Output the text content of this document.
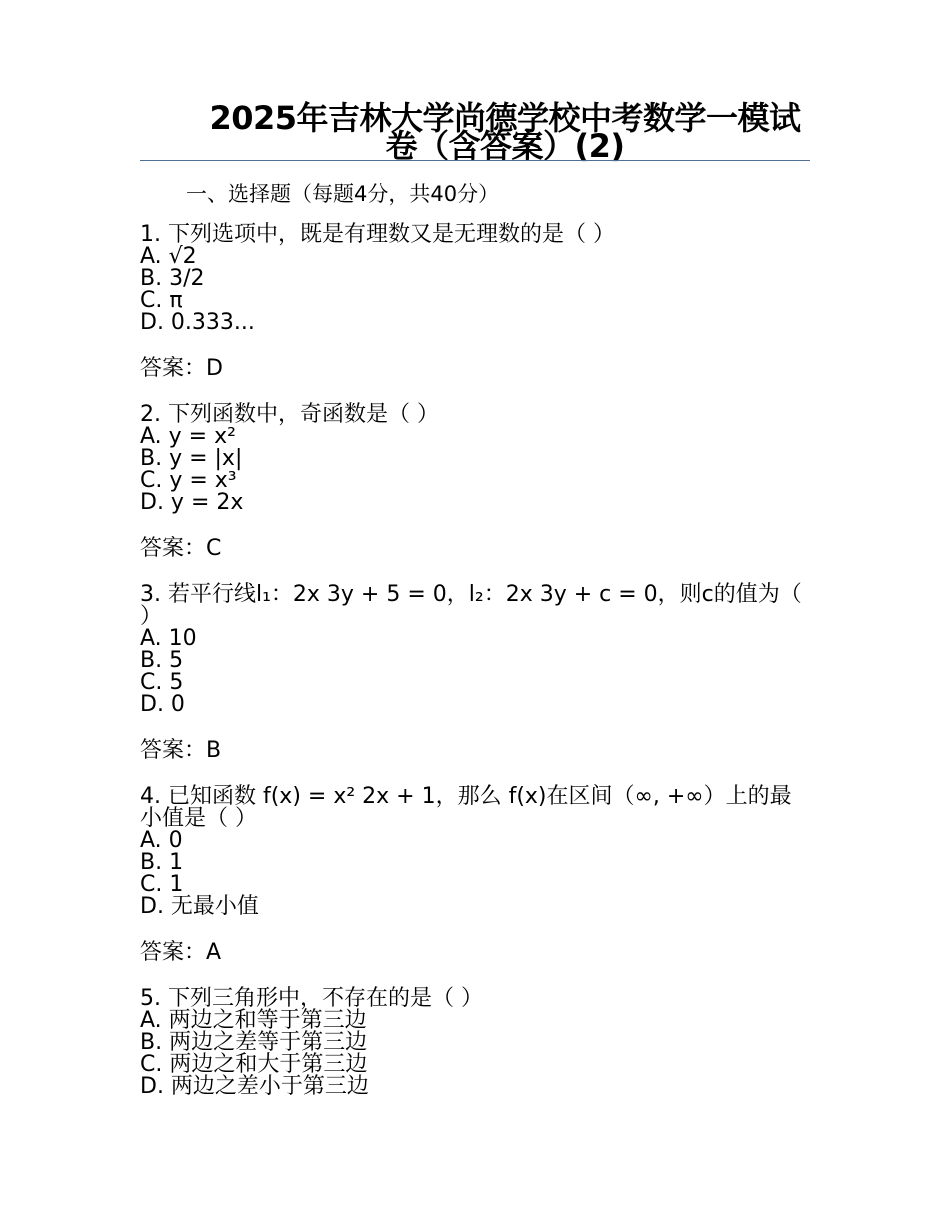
2025年吉林大学尚德学校中考数学一模试卷（含答案）(2)
一、选择题（每题4分，共40分）
1. 下列选项中，既是有理数又是无理数的是（ ）
A. √2
B. 3/2
C. π
D. 0.333...
答案：D
2. 下列函数中，奇函数是（ ）
A. y = x²
B. y = |x|
C. y = x³
D. y = 2x
答案：C
3. 若平行线l₁：2x 3y + 5 = 0，l₂：2x 3y + c = 0，则c的值为（ ）
A. 10
B. 5
C. 5
D. 0
答案：B
4. 已知函数 f(x) = x² 2x + 1，那么 f(x)在区间（∞, +∞）上的最小值是（ ）
A. 0
B. 1
C. 1
D. 无最小值
答案：A
5. 下列三角形中，不存在的是（ ）
A. 两边之和等于第三边
B. 两边之差等于第三边
C. 两边之和大于第三边
D. 两边之差小于第三边
